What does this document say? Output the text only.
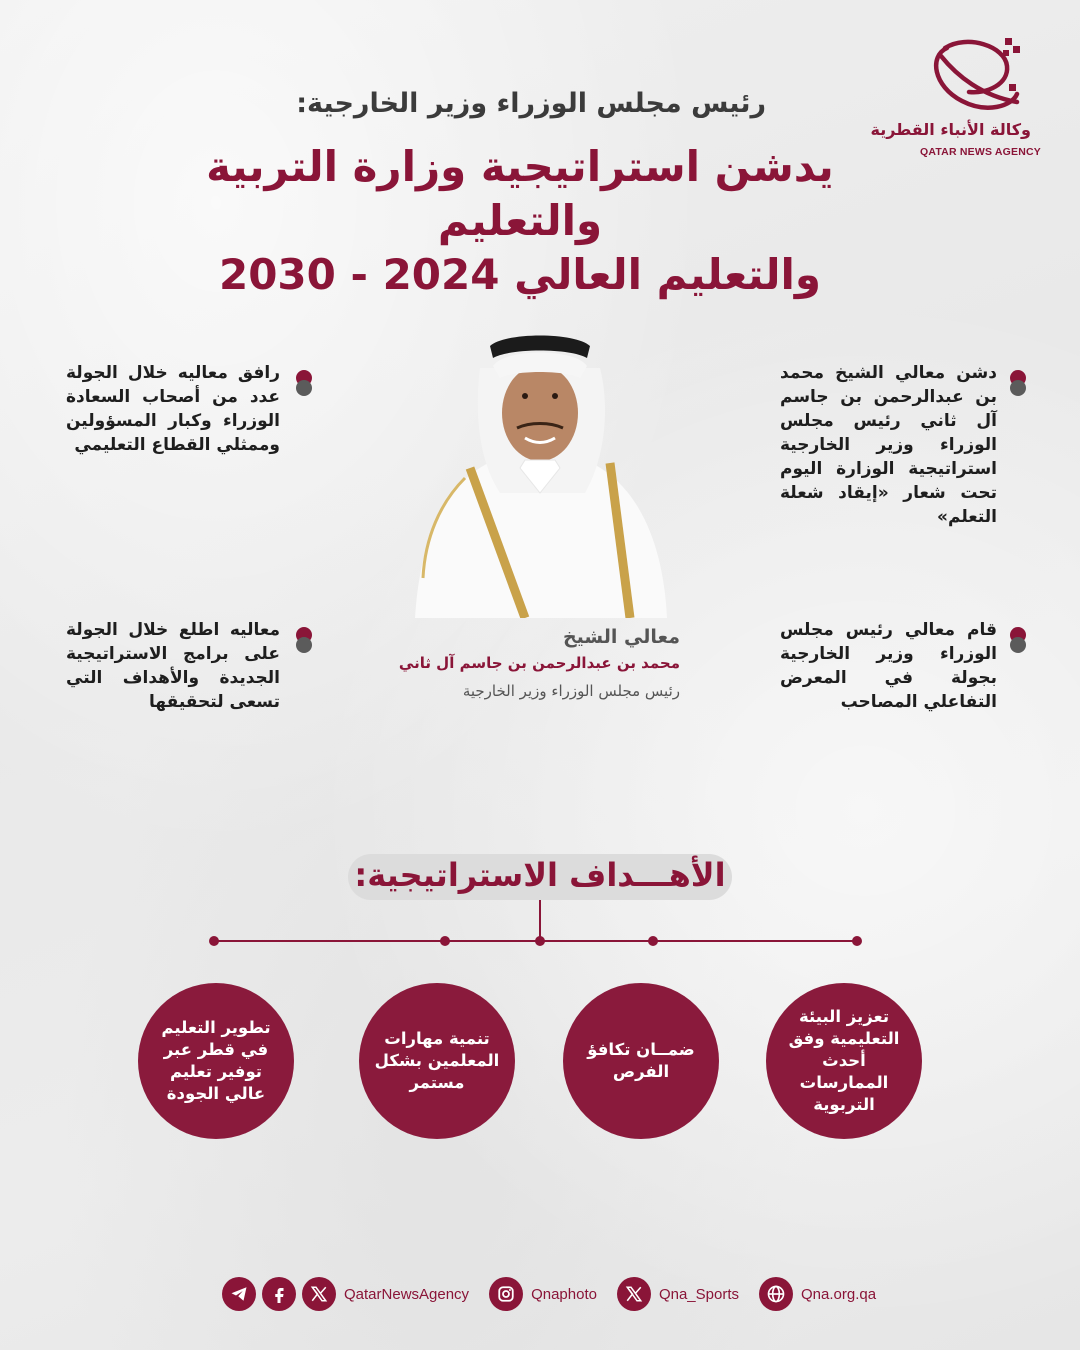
وكالة الأنباء القطرية
QATAR NEWS AGENCY
رئيس مجلس الوزراء وزير الخارجية:
يدشن استراتيجية وزارة التربية والتعليم
والتعليم العالي 2024 - 2030
دشن معالي الشيخ محمد بن عبدالرحمن بن جاسم آل ثاني رئيس مجلس الوزراء وزير الخارجية استراتيجية الوزارة اليوم تحت شعار «إيقاد شعلة التعلم»
رافق معاليه خلال الجولة عدد من أصحاب السعادة الوزراء وكبار المسؤولين وممثلي القطاع التعليمي
قام معالي رئيس مجلس الوزراء وزير الخارجية بجولة في المعرض التفاعلي المصاحب
معاليه اطلع خلال الجولة على برامج الاستراتيجية الجديدة والأهداف التي تسعى لتحقيقها
معالي الشيخ
محمد بن عبدالرحمن بن جاسم آل ثاني
رئيس مجلس الوزراء وزير الخارجية
الأهـــداف الاستراتيجية:
تعزيز البيئة التعليمية وفق أحدث الممارسات التربوية
ضمــان تكافؤ الفرص
تنمية مهارات المعلمين بشكل مستمر
تطوير التعليم في قطر عبر توفير تعليم عالي الجودة
QatarNewsAgency	Qnaphoto	Qna_Sports	Qna.org.qa
